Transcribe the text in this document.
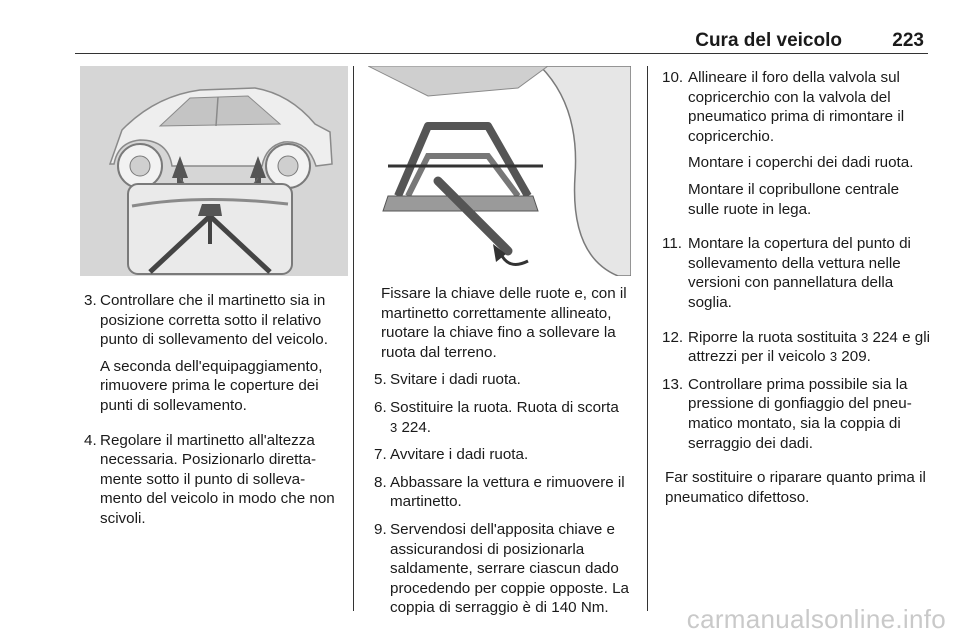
Cura del veicolo	223
3. Controllare che il martinetto sia in posizione corretta sotto il relativo punto di sollevamento del veicolo.

A seconda dell'equipaggiamento, rimuovere prima le coperture dei punti di sollevamento.

4. Regolare il martinetto all'altezza necessaria. Posizionarlo diretta-mente sotto il punto di solleva-mento del veicolo in modo che non scivoli.

Fissare la chiave delle ruote e, con il martinetto correttamente allineato, ruotare la chiave fino a sollevare la ruota dal terreno.

5. Svitare i dadi ruota.
6. Sostituire la ruota. Ruota di scorta
3 224.
7. Avvitare i dadi ruota.
8. Abbassare la vettura e rimuovere il martinetto.
9. Servendosi dell'apposita chiave e assicurandosi di posizionarla saldamente, serrare ciascun dado procedendo per coppie opposte. La coppia di serraggio è di 140 Nm.
10. Allineare il foro della valvola sul copricerchio con la valvola del pneumatico prima di rimontare il copricerchio.

Montare i coperchi dei dadi ruota.

Montare il copribullone centrale sulle ruote in lega.

11. Montare la copertura del punto di sollevamento della vettura nelle versioni con pannellatura della soglia.

12. Riporre la ruota sostituita 3 224 e gli attrezzi per il veicolo 3 209.
13. Controllare prima possibile sia la pressione di gonfiaggio del pneu-matico montato, sia la coppia di serraggio dei dadi.

Far sostituire o riparare quanto prima il pneumatico difettoso.

carmanualsonline.info
